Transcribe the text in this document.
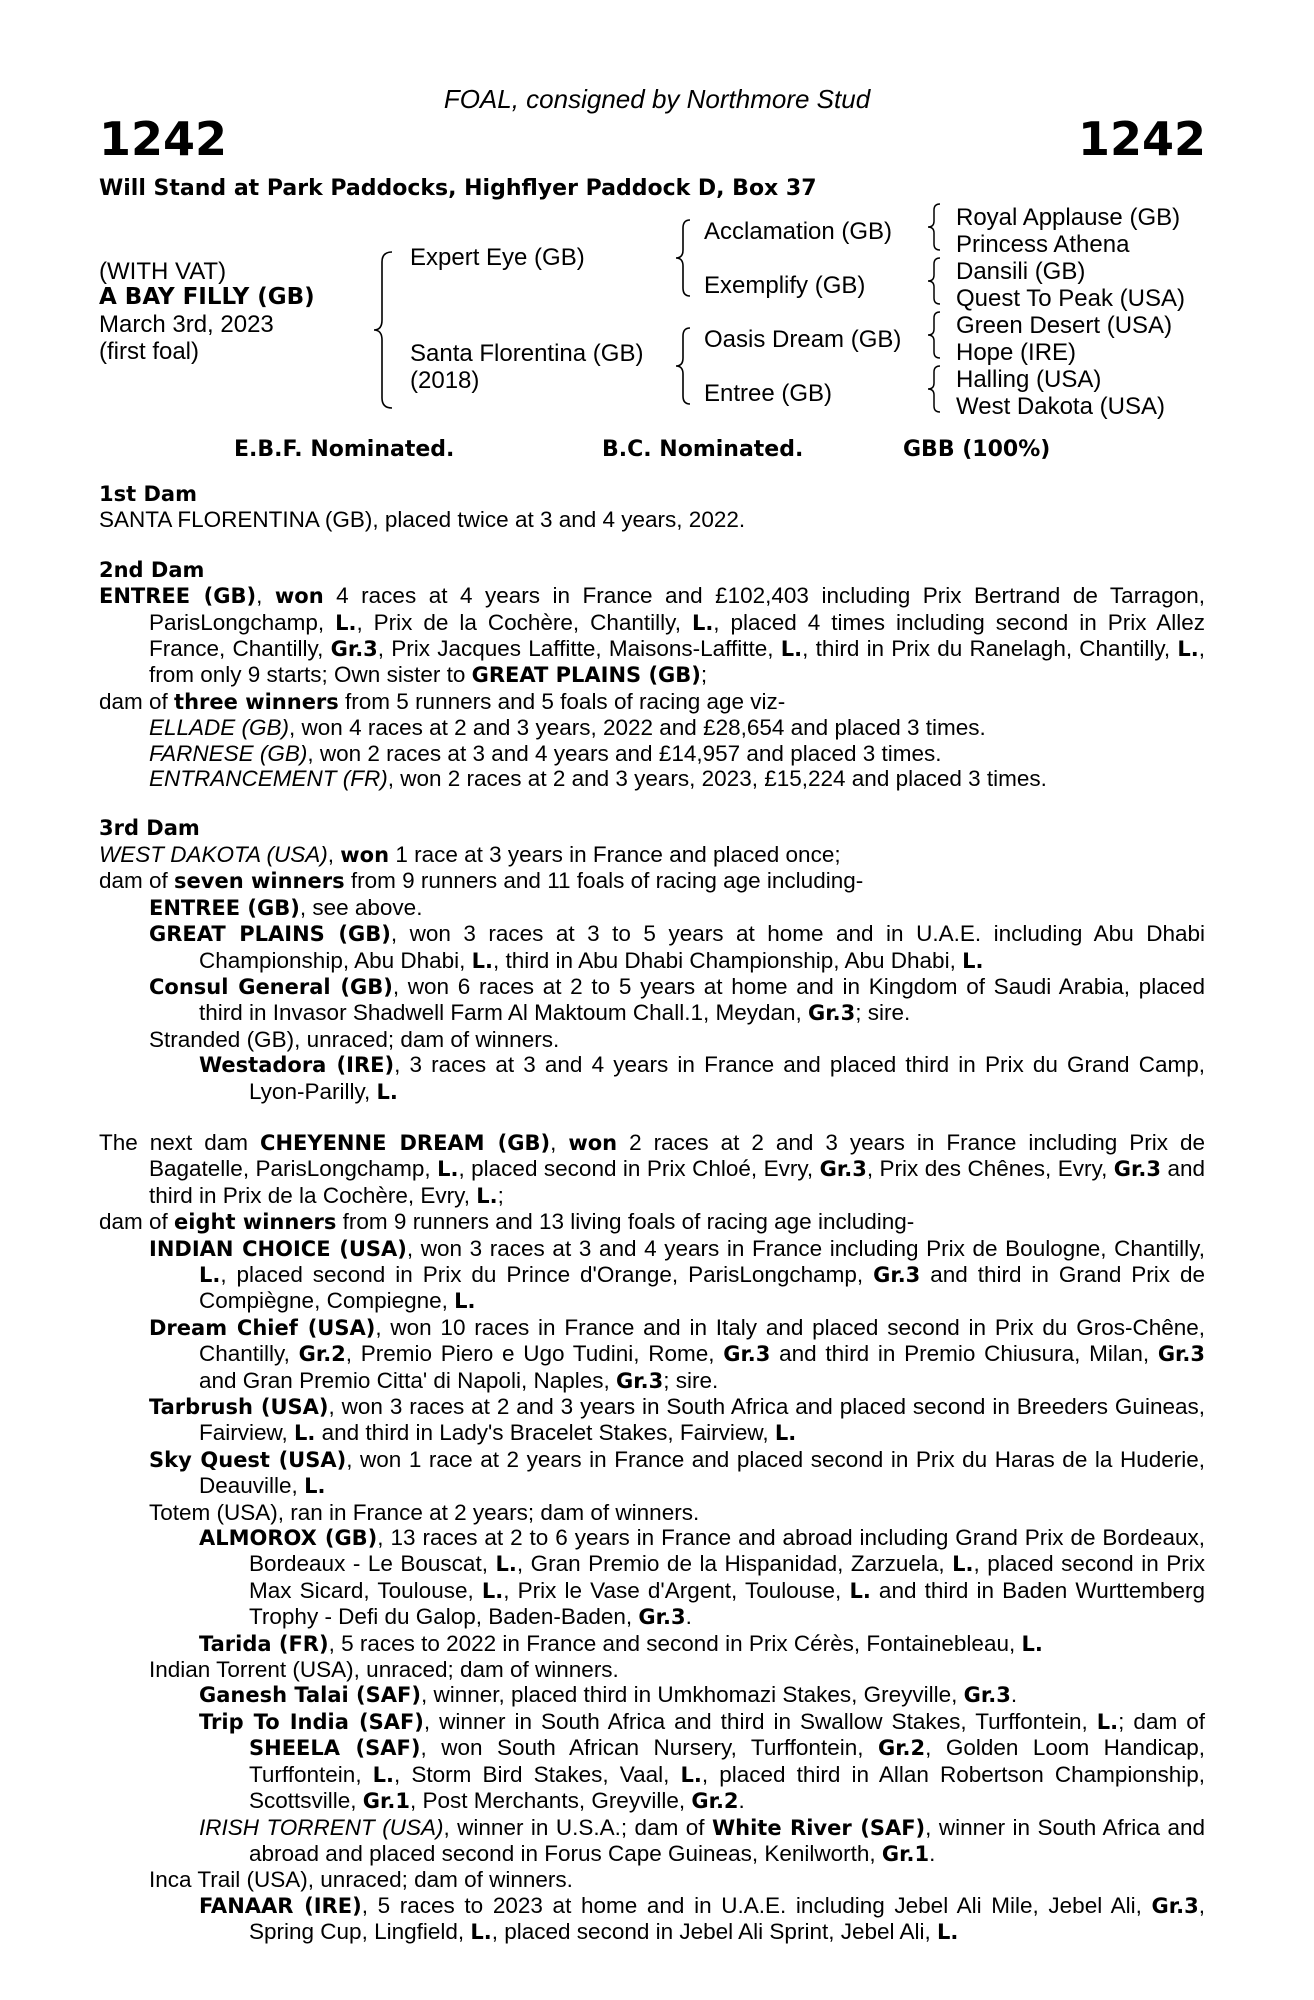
FOAL, consigned by Northmore Stud
1242	1242
Will Stand at Park Paddocks, Highflyer Paddock D, Box 37
(WITH VAT)
A BAY FILLY (GB)
March 3rd, 2023
(first foal)
Expert Eye (GB)
Santa Florentina (GB)
(2018)
Acclamation (GB)
Exemplify (GB)
Oasis Dream (GB)
Entree (GB)
Royal Applause (GB)
Princess Athena
Dansili (GB)
Quest To Peak (USA)
Green Desert (USA)
Hope (IRE)
Halling (USA)
West Dakota (USA)
E.B.F. Nominated.	B.C. Nominated.	GBB (100%)

1st Dam

SANTA FLORENTINA (GB), placed twice at 3 and 4 years, 2022.

2nd Dam

ENTREE (GB), won 4 races at 4 years in France and £102,403 including Prix Bertrand de Tarragon, ParisLongchamp, L., Prix de la Cochère, Chantilly, L., placed 4 times including second in Prix Allez France, Chantilly, Gr.3, Prix Jacques Laffitte, Maisons-Laffitte, L., third in Prix du Ranelagh, Chantilly, L., from only 9 starts; Own sister to GREAT PLAINS (GB);

dam of three winners from 5 runners and 5 foals of racing age viz-

ELLADE (GB), won 4 races at 2 and 3 years, 2022 and £28,654 and placed 3 times.

FARNESE (GB), won 2 races at 3 and 4 years and £14,957 and placed 3 times.

ENTRANCEMENT (FR), won 2 races at 2 and 3 years, 2023, £15,224 and placed 3 times.

3rd Dam

WEST DAKOTA (USA), won 1 race at 3 years in France and placed once;

dam of seven winners from 9 runners and 11 foals of racing age including-

ENTREE (GB), see above.

GREAT PLAINS (GB), won 3 races at 3 to 5 years at home and in U.A.E. including Abu Dhabi Championship, Abu Dhabi, L., third in Abu Dhabi Championship, Abu Dhabi, L.

Consul General (GB), won 6 races at 2 to 5 years at home and in Kingdom of Saudi Arabia, placed third in Invasor Shadwell Farm Al Maktoum Chall.1, Meydan, Gr.3; sire.

Stranded (GB), unraced; dam of winners.

Westadora (IRE), 3 races at 3 and 4 years in France and placed third in Prix du Grand Camp, Lyon-Parilly, L.

The next dam CHEYENNE DREAM (GB), won 2 races at 2 and 3 years in France including Prix de Bagatelle, ParisLongchamp, L., placed second in Prix Chloé, Evry, Gr.3, Prix des Chênes, Evry, Gr.3 and third in Prix de la Cochère, Evry, L.;

dam of eight winners from 9 runners and 13 living foals of racing age including-

INDIAN CHOICE (USA), won 3 races at 3 and 4 years in France including Prix de Boulogne, Chantilly, L., placed second in Prix du Prince d'Orange, ParisLongchamp, Gr.3 and third in Grand Prix de Compiègne, Compiegne, L.

Dream Chief (USA), won 10 races in France and in Italy and placed second in Prix du Gros-Chêne, Chantilly, Gr.2, Premio Piero e Ugo Tudini, Rome, Gr.3 and third in Premio Chiusura, Milan, Gr.3 and Gran Premio Citta' di Napoli, Naples, Gr.3; sire.

Tarbrush (USA), won 3 races at 2 and 3 years in South Africa and placed second in Breeders Guineas, Fairview, L. and third in Lady's Bracelet Stakes, Fairview, L.

Sky Quest (USA), won 1 race at 2 years in France and placed second in Prix du Haras de la Huderie, Deauville, L.

Totem (USA), ran in France at 2 years; dam of winners.

ALMOROX (GB), 13 races at 2 to 6 years in France and abroad including Grand Prix de Bordeaux, Bordeaux - Le Bouscat, L., Gran Premio de la Hispanidad, Zarzuela, L., placed second in Prix Max Sicard, Toulouse, L., Prix le Vase d'Argent, Toulouse, L. and third in Baden Wurttemberg Trophy - Defi du Galop, Baden-Baden, Gr.3.

Tarida (FR), 5 races to 2022 in France and second in Prix Cérès, Fontainebleau, L.

Indian Torrent (USA), unraced; dam of winners.

Ganesh Talai (SAF), winner, placed third in Umkhomazi Stakes, Greyville, Gr.3.

Trip To India (SAF), winner in South Africa and third in Swallow Stakes, Turffontein, L.; dam of SHEELA (SAF), won South African Nursery, Turffontein, Gr.2, Golden Loom Handicap, Turffontein, L., Storm Bird Stakes, Vaal, L., placed third in Allan Robertson Championship, Scottsville, Gr.1, Post Merchants, Greyville, Gr.2.

IRISH TORRENT (USA), winner in U.S.A.; dam of White River (SAF), winner in South Africa and abroad and placed second in Forus Cape Guineas, Kenilworth, Gr.1.

Inca Trail (USA), unraced; dam of winners.

FANAAR (IRE), 5 races to 2023 at home and in U.A.E. including Jebel Ali Mile, Jebel Ali, Gr.3, Spring Cup, Lingfield, L., placed second in Jebel Ali Sprint, Jebel Ali, L.
